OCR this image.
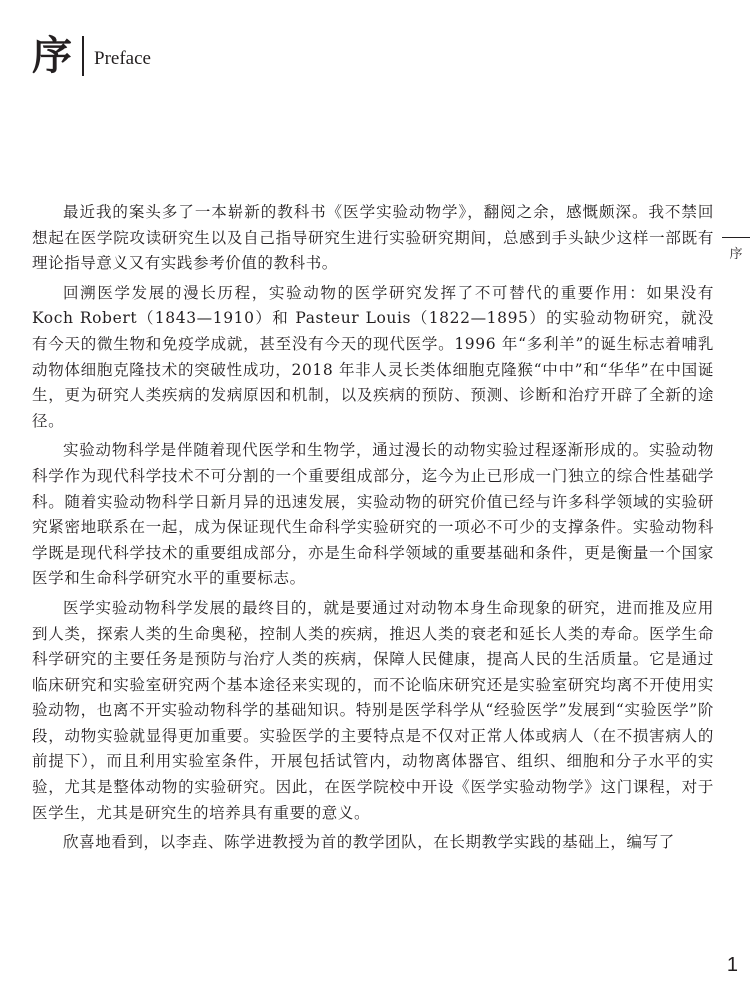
序 Preface
序

最近我的案头多了一本崭新的教科书《医学实验动物学》，翻阅之余，感慨颇深。我不禁回想起在医学院攻读研究生以及自己指导研究生进行实验研究期间，总感到手头缺少这样一部既有理论指导意义又有实践参考价值的教科书。

回溯医学发展的漫长历程，实验动物的医学研究发挥了不可替代的重要作用：如果没有Koch Robert（1843—1910）和 Pasteur Louis（1822—1895）的实验动物研究，就没有今天的微生物和免疫学成就，甚至没有今天的现代医学。1996 年“多利羊”的诞生标志着哺乳动物体细胞克隆技术的突破性成功，2018 年非人灵长类体细胞克隆猴“中中”和“华华”在中国诞生，更为研究人类疾病的发病原因和机制，以及疾病的预防、预测、诊断和治疗开辟了全新的途径。

实验动物科学是伴随着现代医学和生物学，通过漫长的动物实验过程逐渐形成的。实验动物科学作为现代科学技术不可分割的一个重要组成部分，迄今为止已形成一门独立的综合性基础学科。随着实验动物科学日新月异的迅速发展，实验动物的研究价值已经与许多科学领域的实验研究紧密地联系在一起，成为保证现代生命科学实验研究的一项必不可少的支撑条件。实验动物科学既是现代科学技术的重要组成部分，亦是生命科学领域的重要基础和条件，更是衡量一个国家医学和生命科学研究水平的重要标志。

医学实验动物科学发展的最终目的，就是要通过对动物本身生命现象的研究，进而推及应用到人类，探索人类的生命奥秘，控制人类的疾病，推迟人类的衰老和延长人类的寿命。医学生命科学研究的主要任务是预防与治疗人类的疾病，保障人民健康，提高人民的生活质量。它是通过临床研究和实验室研究两个基本途径来实现的，而不论临床研究还是实验室研究均离不开使用实验动物，也离不开实验动物科学的基础知识。特别是医学科学从“经验医学”发展到“实验医学”阶段，动物实验就显得更加重要。实验医学的主要特点是不仅对正常人体或病人（在不损害病人的前提下），而且利用实验室条件，开展包括试管内，动物离体器官、组织、细胞和分子水平的实验，尤其是整体动物的实验研究。因此，在医学院校中开设《医学实验动物学》这门课程，对于医学生，尤其是研究生的培养具有重要的意义。

欣喜地看到，以李垚、陈学进教授为首的教学团队，在长期教学实践的基础上，编写了

1
